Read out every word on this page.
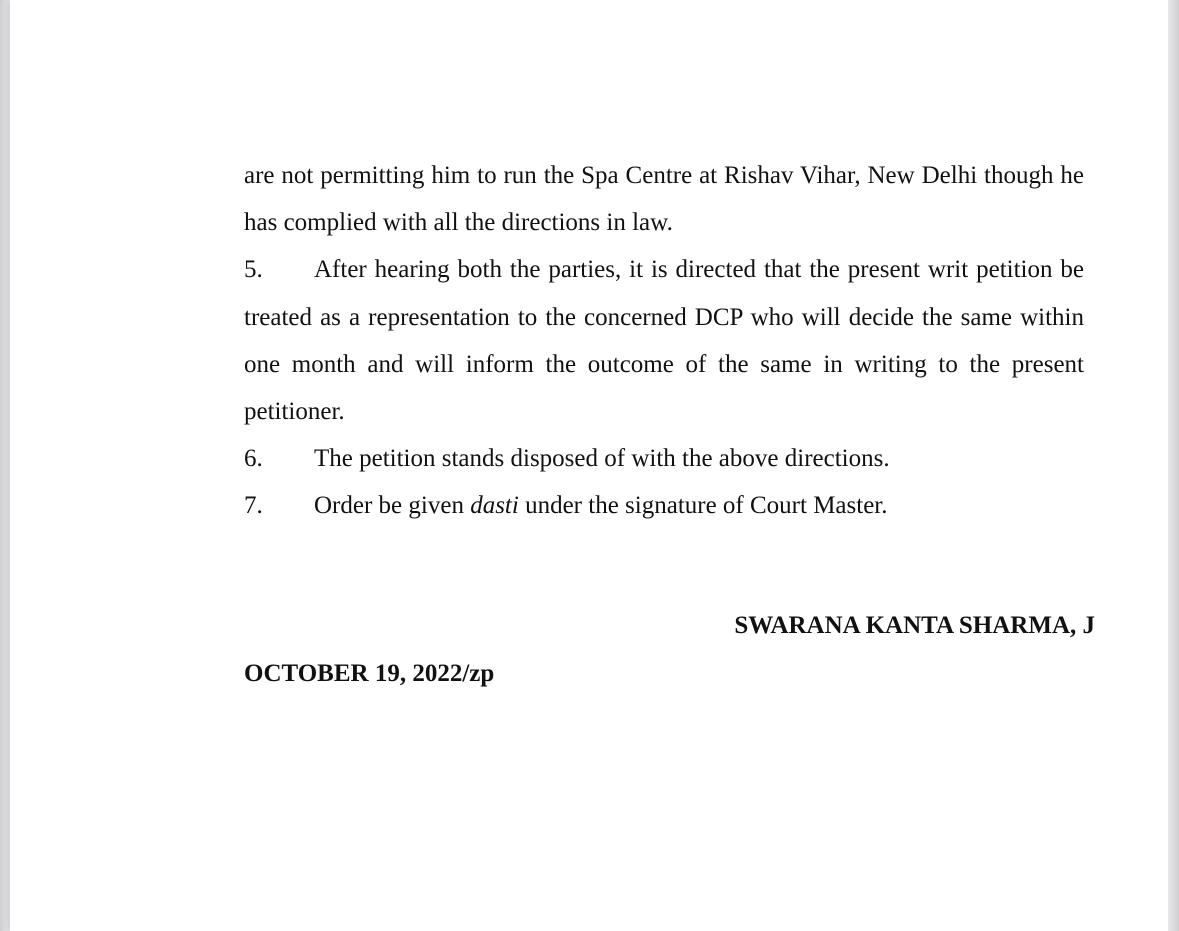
are not permitting him to run the Spa Centre at Rishav Vihar, New Delhi though he has complied with all the directions in law.

5. After hearing both the parties, it is directed that the present writ petition be treated as a representation to the concerned DCP who will decide the same within one month and will inform the outcome of the same in writing to the present petitioner.

6. The petition stands disposed of with the above directions.

7. Order be given dasti under the signature of Court Master.

SWARANA KANTA SHARMA, J
OCTOBER 19, 2022/zp
